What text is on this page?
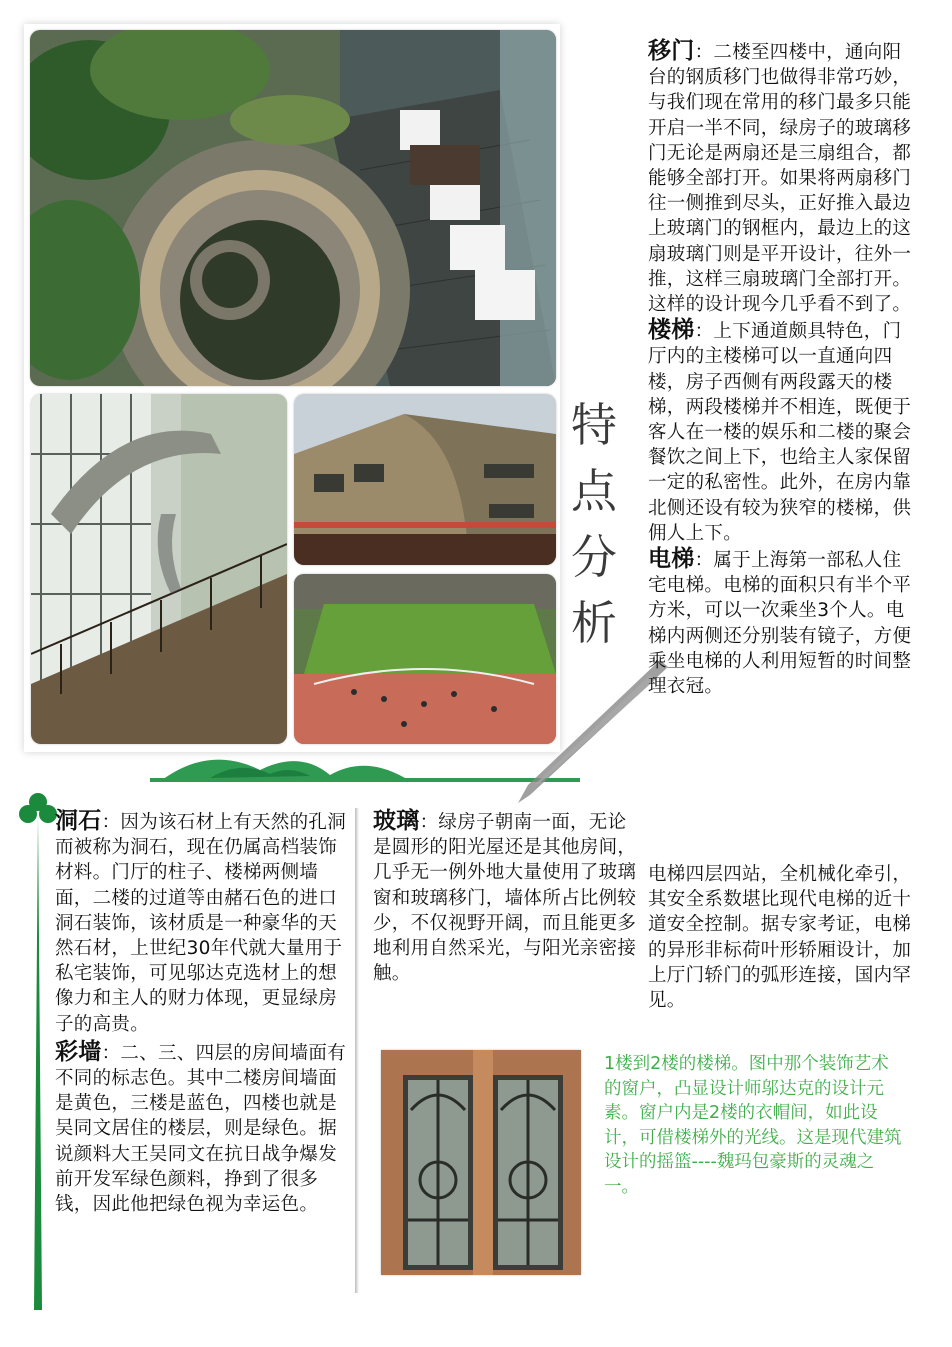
特
点
分
析

移门：二楼至四楼中，通向阳台的钢质移门也做得非常巧妙，与我们现在常用的移门最多只能开启一半不同，绿房子的玻璃移门无论是两扇还是三扇组合，都能够全部打开。如果将两扇移门往一侧推到尽头，正好推入最边上玻璃门的钢框内，最边上的这扇玻璃门则是平开设计，往外一推，这样三扇玻璃门全部打开。这样的设计现今几乎看不到了。

楼梯：上下通道颇具特色，门厅内的主楼梯可以一直通向四楼，房子西侧有两段露天的楼梯，两段楼梯并不相连，既便于客人在一楼的娱乐和二楼的聚会餐饮之间上下，也给主人家保留一定的私密性。此外，在房内靠北侧还设有较为狭窄的楼梯，供佣人上下。

电梯：属于上海第一部私人住宅电梯。电梯的面积只有半个平方米，可以一次乘坐3个人。电梯内两侧还分别装有镜子，方便乘坐电梯的人利用短暂的时间整理衣冠。

电梯四层四站，全机械化牵引，其安全系数堪比现代电梯的近十道安全控制。据专家考证，电梯的异形非标荷叶形轿厢设计，加上厅门轿门的弧形连接，国内罕见。

玻璃：绿房子朝南一面，无论是圆形的阳光屋还是其他房间，几乎无一例外地大量使用了玻璃窗和玻璃移门，墙体所占比例较少，不仅视野开阔，而且能更多地利用自然采光，与阳光亲密接触。

洞石：因为该石材上有天然的孔洞而被称为洞石，现在仍属高档装饰材料。门厅的柱子、楼梯两侧墙面，二楼的过道等由赭石色的进口洞石装饰，该材质是一种豪华的天然石材，上世纪30年代就大量用于私宅装饰，可见邬达克选材上的想像力和主人的财力体现，更显绿房子的高贵。

彩墙：二、三、四层的房间墙面有不同的标志色。其中二楼房间墙面是黄色，三楼是蓝色，四楼也就是吴同文居住的楼层，则是绿色。据说颜料大王吴同文在抗日战争爆发前开发军绿色颜料，挣到了很多钱，因此他把绿色视为幸运色。

1楼到2楼的楼梯。图中那个装饰艺术的窗户，凸显设计师邬达克的设计元素。窗户内是2楼的衣帽间，如此设计，可借楼梯外的光线。这是现代建筑设计的摇篮----魏玛包豪斯的灵魂之一。
